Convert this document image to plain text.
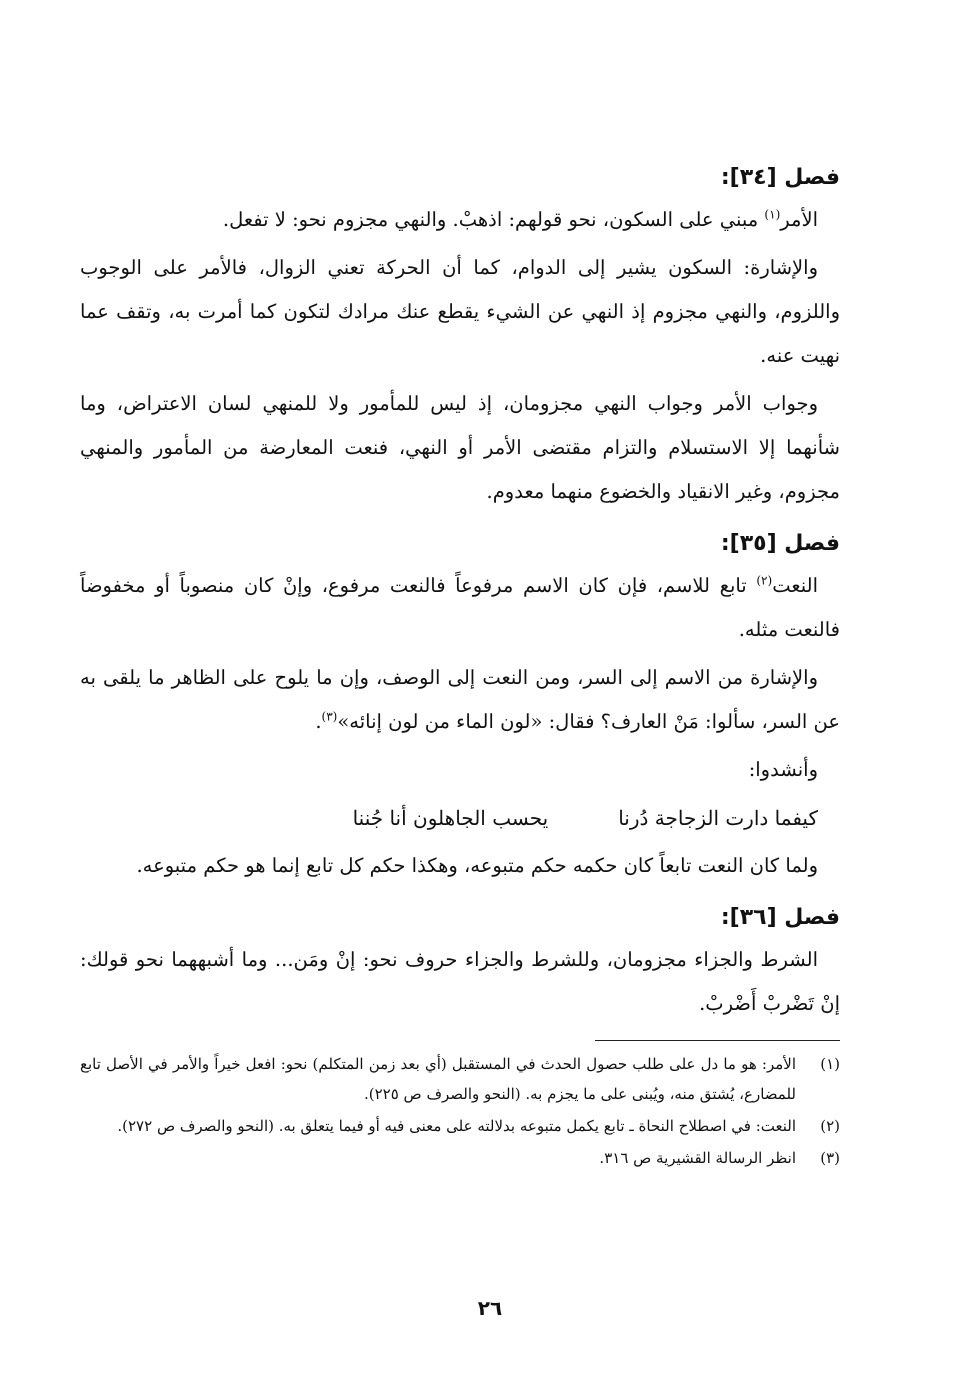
فصل [٣٤]:

الأمر$^{(١)}$ مبني على السكون، نحو قولهم: اذهبْ. والنهي مجزوم نحو: لا تفعل.

والإشارة: السكون يشير إلى الدوام، كما أن الحركة تعني الزوال، فالأمر على الوجوب واللزوم، والنهي مجزوم إذ النهي عن الشيء يقطع عنك مرادك لتكون كما أمرت به، وتقف عما نهيت عنه.

وجواب الأمر وجواب النهي مجزومان، إذ ليس للمأمور ولا للمنهي لسان الاعتراض، وما شأنهما إلا الاستسلام والتزام مقتضى الأمر أو النهي، فنعت المعارضة من المأمور والمنهي مجزوم، وغير الانقياد والخضوع منهما معدوم.

فصل [٣٥]:

النعت$^{(٢)}$ تابع للاسم، فإن كان الاسم مرفوعاً فالنعت مرفوع، وإنْ كان منصوباً أو مخفوضاً فالنعت مثله.

والإشارة من الاسم إلى السر، ومن النعت إلى الوصف، وإن ما يلوح على الظاهر ما يلقى به عن السر، سألوا: مَنْ العارف؟ فقال: «لون الماء من لون إنائه»$^{(٣)}$.

وأنشدوا:

كيفما دارت الزجاجة دُرنا
يحسب الجاهلون أنا جُننا

ولما كان النعت تابعاً كان حكمه حكم متبوعه، وهكذا حكم كل تابع إنما هو حكم متبوعه.

فصل [٣٦]:

الشرط والجزاء مجزومان، وللشرط والجزاء حروف نحو: إنْ ومَن... وما أشبههما نحو قولك: إنْ تَضْربْ أَضْربْ.

(١)
الأمر: هو ما دل على طلب حصول الحدث في المستقبل (أي بعد زمن المتكلم) نحو: افعل خيراً والأمر في الأصل تابع للمضارع، يُشتق منه، ويُبنى على ما يجزم به. (النحو والصرف ص ٢٢٥).
(٢)
النعت: في اصطلاح النحاة ـ تابع يكمل متبوعه بدلالته على معنى فيه أو فيما يتعلق به. (النحو والصرف ص ٢٧٢).
(٣)
انظر الرسالة القشيرية ص ٣١٦.
٢٦
